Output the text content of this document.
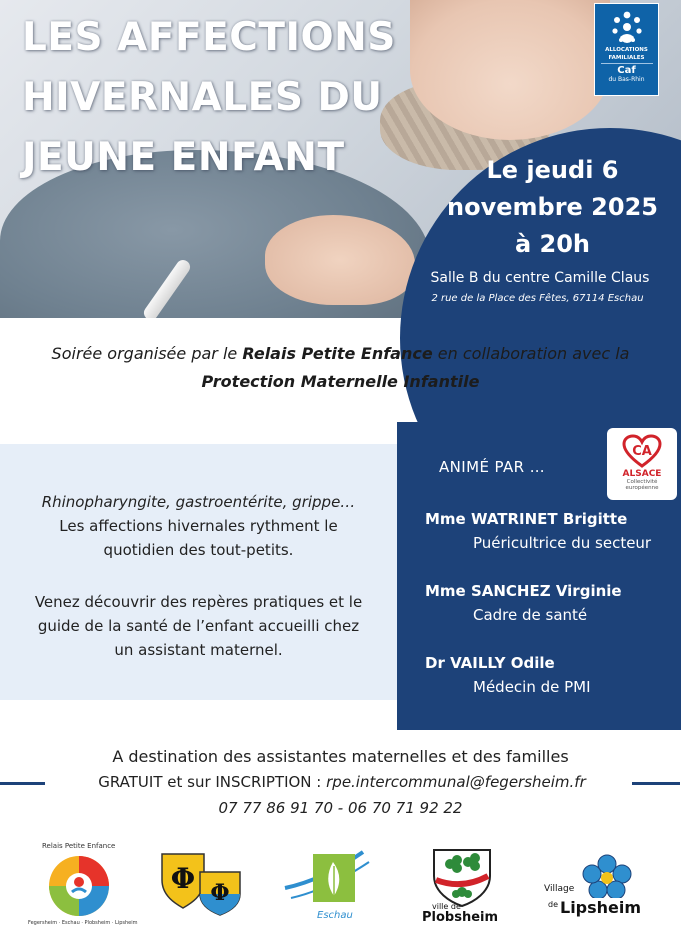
LES AFFECTIONS HIVERNALES DU JEUNE ENFANT
ALLOCATIONS
FAMILIALES
Caf
du Bas-Rhin

Le jeudi 6
novembre 2025
à 20h

Salle B du centre Camille Claus

2 rue de la Place des Fêtes, 67114 Eschau

Soirée organisée par le Relais Petite Enfance en collaboration avec la
Protection Maternelle Infantile

Rhinopharyngite, gastroentérite, grippe…
Les affections hivernales rythment le
quotidien des tout-petits.

Venez découvrir des repères pratiques et le
guide de la santé de l’enfant accueilli chez
un assistant maternel.

ANIMÉ PAR …

Mme WATRINET Brigitte

Puéricultrice du secteur

Mme SANCHEZ Virginie

Cadre de santé

Dr VAILLY Odile

Médecin de PMI

CA
ALSACE
Collectivité
européenne

A destination des assistantes maternelles et des familles

GRATUIT et sur INSCRIPTION : rpe.intercommunal@fegersheim.fr

07 77 86 91 70 - 06 70 71 92 22

Relais Petite Enfance
Fegersheim · Eschau · Plobsheim · Lipsheim
Φ Φ
Eschau
ville de
Plobsheim
Village
de Lipsheim
